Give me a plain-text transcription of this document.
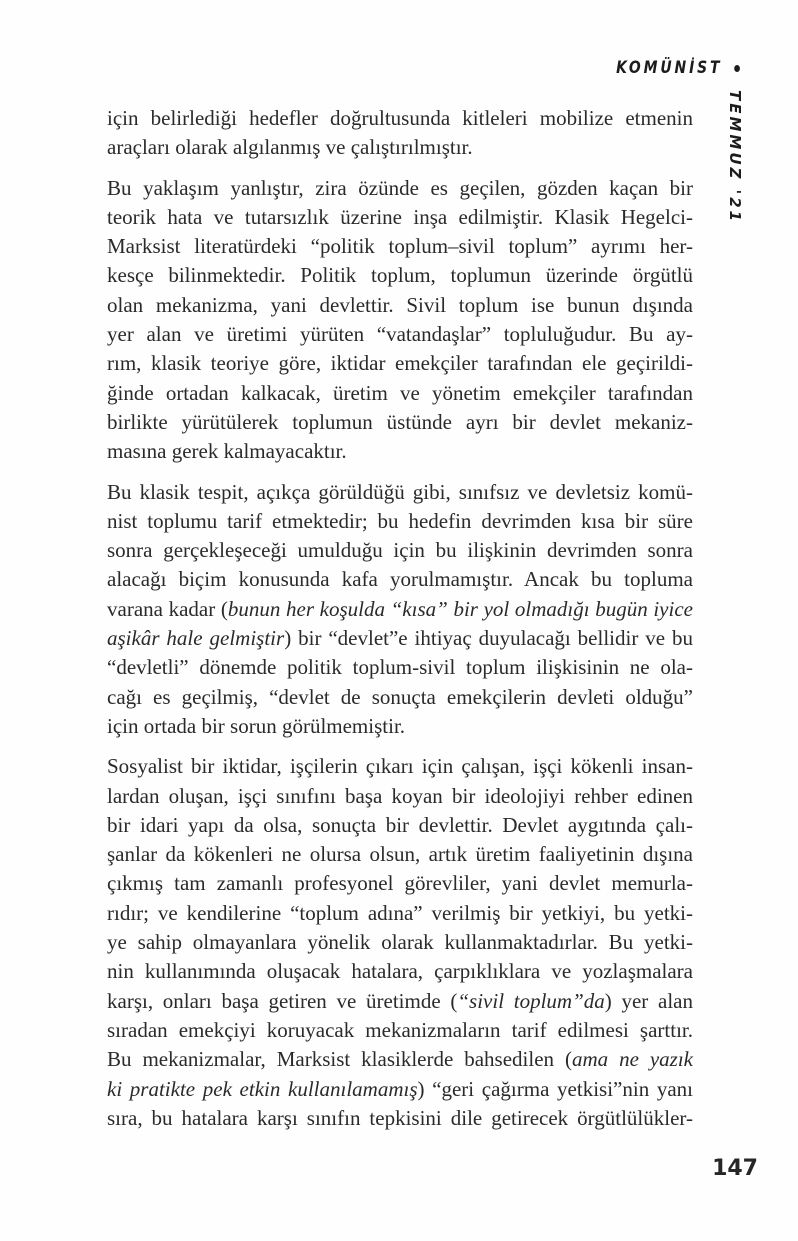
KOMÜNİST
TEMMUZ '21

için belirlediği hedefler doğrultusunda kitleleri mobilize etmenin
araçları olarak algılanmış ve çalıştırılmıştır.

Bu yaklaşım yanlıştır, zira özünde es geçilen, gözden kaçan bir
teorik hata ve tutarsızlık üzerine inşa edilmiştir. Klasik Hegelci-
Marksist literatürdeki “politik toplum–sivil toplum” ayrımı her-
kesçe bilinmektedir. Politik toplum, toplumun üzerinde örgütlü
olan mekanizma, yani devlettir. Sivil toplum ise bunun dışında
yer alan ve üretimi yürüten “vatandaşlar” topluluğudur. Bu ay-
rım, klasik teoriye göre, iktidar emekçiler tarafından ele geçirildi-
ğinde ortadan kalkacak, üretim ve yönetim emekçiler tarafından
birlikte yürütülerek toplumun üstünde ayrı bir devlet mekaniz-
masına gerek kalmayacaktır.

Bu klasik tespit, açıkça görüldüğü gibi, sınıfsız ve devletsiz komü-
nist toplumu tarif etmektedir; bu hedefin devrimden kısa bir süre
sonra gerçekleşeceği umulduğu için bu ilişkinin devrimden sonra
alacağı biçim konusunda kafa yorulmamıştır. Ancak bu topluma
varana kadar (bunun her koşulda “kısa” bir yol olmadığı bugün iyice
aşikâr hale gelmiştir) bir “devlet”e ihtiyaç duyulacağı bellidir ve bu
“devletli” dönemde politik toplum-sivil toplum ilişkisinin ne ola-
cağı es geçilmiş, “devlet de sonuçta emekçilerin devleti olduğu”
için ortada bir sorun görülmemiştir.

Sosyalist bir iktidar, işçilerin çıkarı için çalışan, işçi kökenli insan-
lardan oluşan, işçi sınıfını başa koyan bir ideolojiyi rehber edinen
bir idari yapı da olsa, sonuçta bir devlettir. Devlet aygıtında çalı-
şanlar da kökenleri ne olursa olsun, artık üretim faaliyetinin dışına
çıkmış tam zamanlı profesyonel görevliler, yani devlet memurla-
rıdır; ve kendilerine “toplum adına” verilmiş bir yetkiyi, bu yetki-
ye sahip olmayanlara yönelik olarak kullanmaktadırlar. Bu yetki-
nin kullanımında oluşacak hatalara, çarpıklıklara ve yozlaşmalara
karşı, onları başa getiren ve üretimde (“sivil toplum”da) yer alan
sıradan emekçiyi koruyacak mekanizmaların tarif edilmesi şarttır.
Bu mekanizmalar, Marksist klasiklerde bahsedilen (ama ne yazık
ki pratikte pek etkin kullanılamamış) “geri çağırma yetkisi”nin yanı
sıra, bu hatalara karşı sınıfın tepkisini dile getirecek örgütlülükler-

147
